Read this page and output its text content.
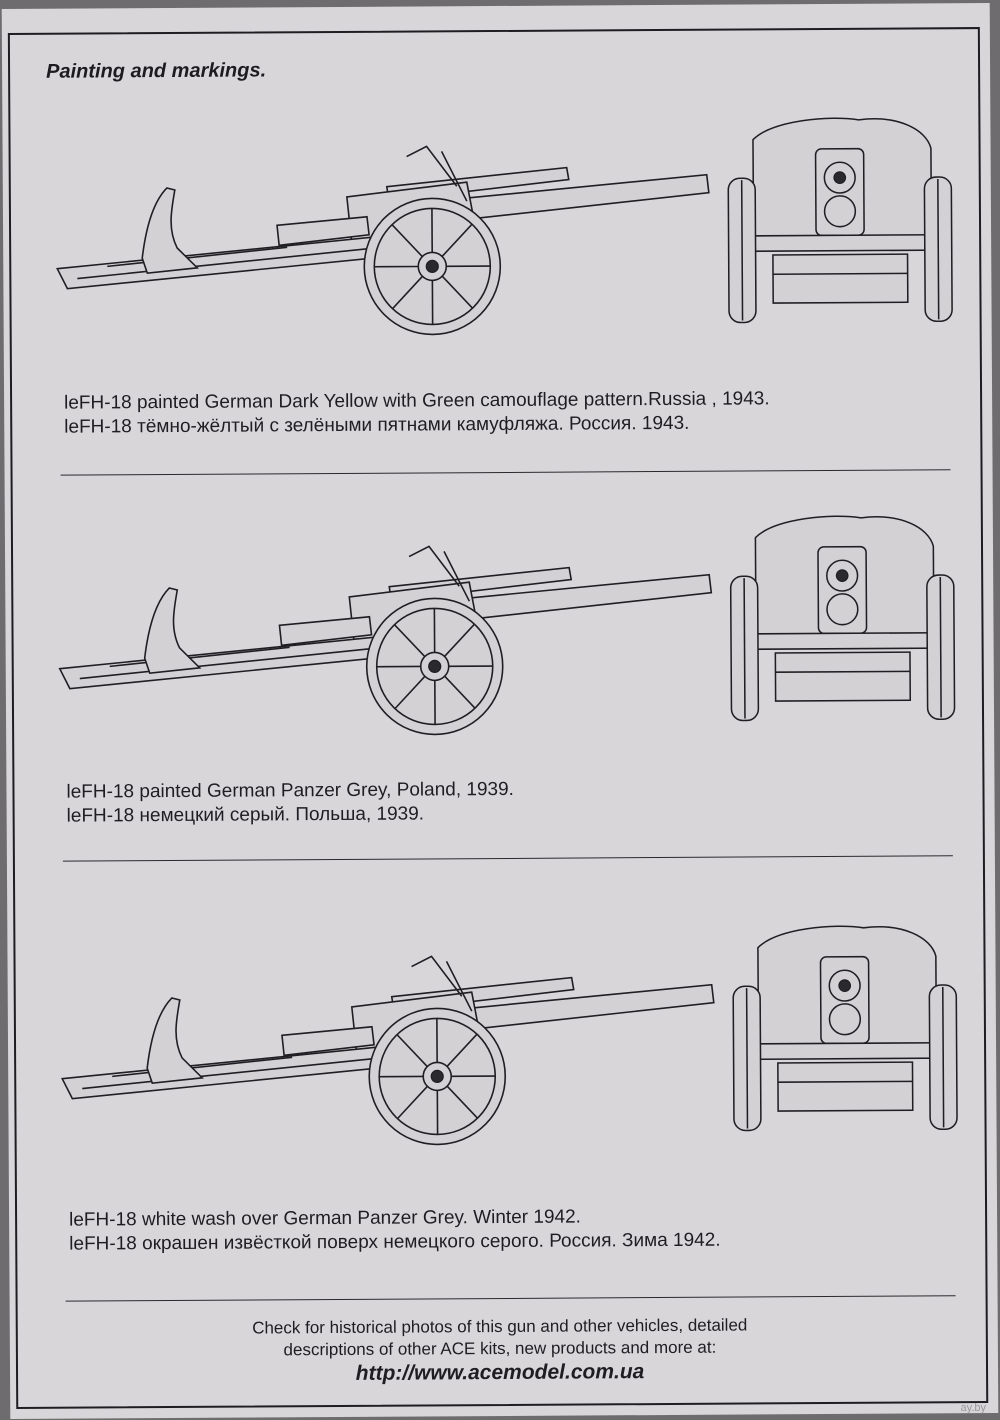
Painting and markings.

leFH-18 painted German Dark Yellow with Green camouflage pattern.Russia , 1943.

leFH-18 тёмно-жёлтый с зелёными пятнами камуфляжа. Россия. 1943.

leFH-18 painted German Panzer Grey, Poland, 1939.

leFH-18 немецкий серый. Польша, 1939.

leFH-18 white wash over German Panzer Grey. Winter 1942.

leFH-18 окрашен извёсткой поверх немецкого серого. Россия. Зима 1942.

Check for historical photos of this gun and other vehicles, detailed

descriptions of other ACE kits, new products and more at:

http://www.acemodel.com.ua

ay.by
